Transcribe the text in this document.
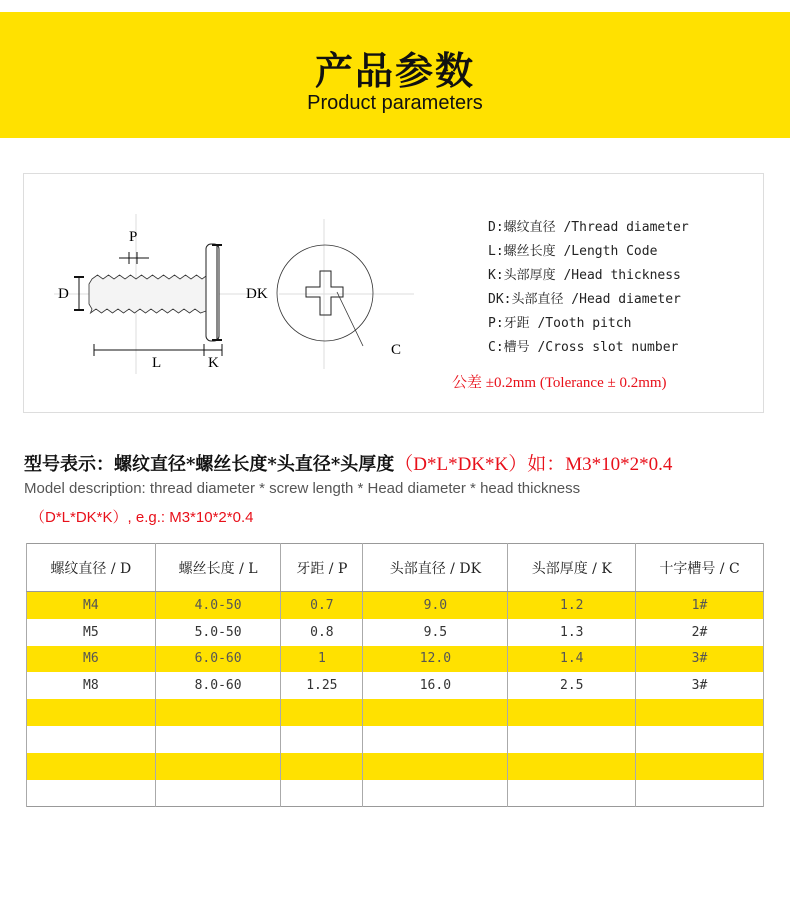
产品参数
Product parameters
P
D	DK
L	K
C
D:螺纹直径 /Thread diameter
L:螺丝长度 /Length Code
K:头部厚度 /Head thickness
DK:头部直径 /Head diameter
P:牙距 /Tooth pitch
C:槽号 /Cross slot number
公差 ±0.2mm (Tolerance ± 0.2mm)
型号表示：螺纹直径*螺丝长度*头直径*头厚度（D*L*DK*K）如：M3*10*2*0.4
Model description: thread diameter * screw length * Head diameter * head thickness
（D*L*DK*K）, e.g.: M3*10*2*0.4
螺纹直径 / D	螺丝长度 / L	牙距 / P	头部直径 / DK	头部厚度 / K	十字槽号 / C
M4	4.0-50	0.7	9.0	1.2	1#
M5	5.0-50	0.8	9.5	1.3	2#
M6	6.0-60	1	12.0	1.4	3#
M8	8.0-60	1.25	16.0	2.5	3#
